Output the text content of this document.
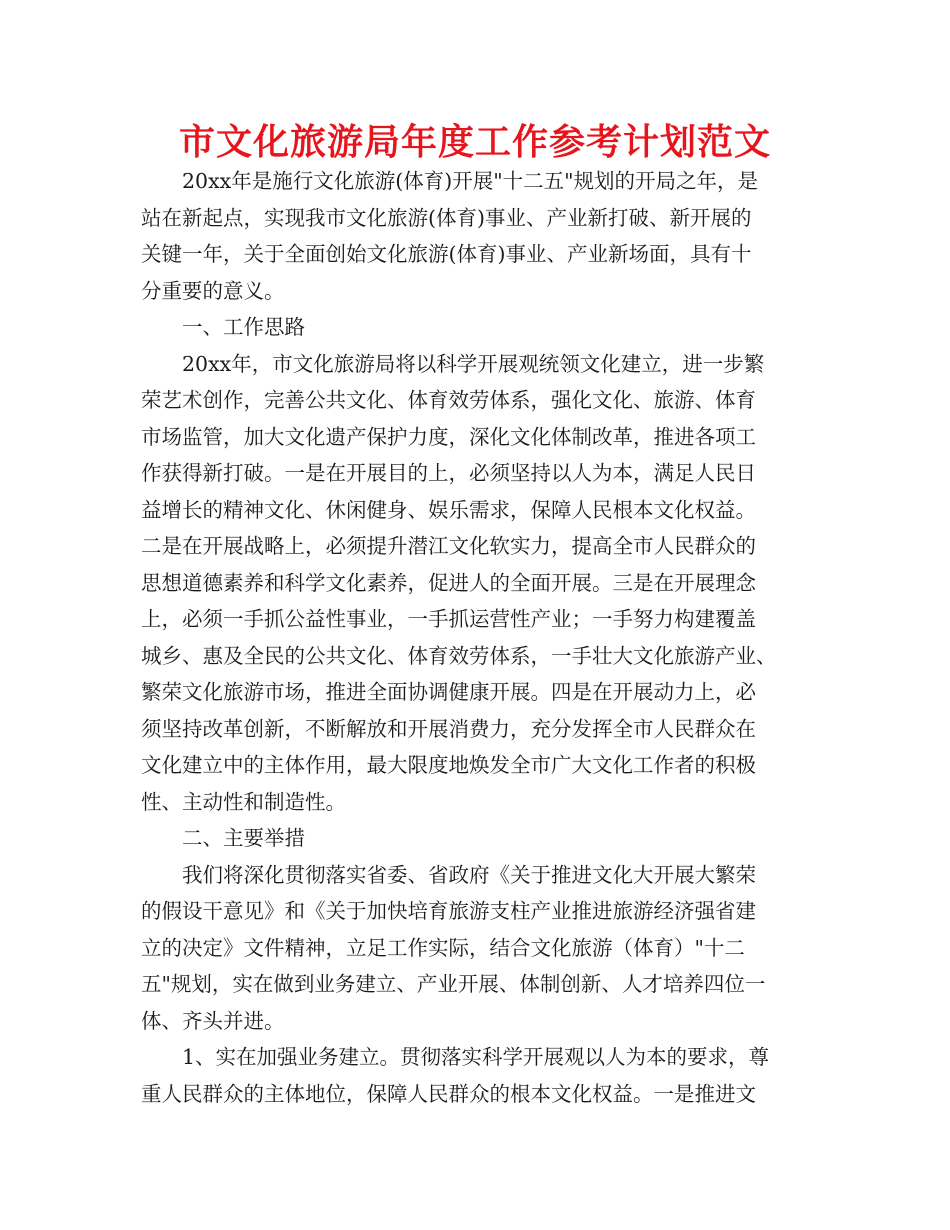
市文化旅游局年度工作参考计划范文
20xx年是施行文化旅游(体育)开展"十二五"规划的开局之年，是
站在新起点，实现我市文化旅游(体育)事业、产业新打破、新开展的
关键一年，关于全面创始文化旅游(体育)事业、产业新场面，具有十
分重要的意义。
一、工作思路
20xx年，市文化旅游局将以科学开展观统领文化建立，进一步繁
荣艺术创作，完善公共文化、体育效劳体系，强化文化、旅游、体育
市场监管，加大文化遗产保护力度，深化文化体制改革，推进各项工
作获得新打破。一是在开展目的上，必须坚持以人为本，满足人民日
益增长的精神文化、休闲健身、娱乐需求，保障人民根本文化权益。
二是在开展战略上，必须提升潜江文化软实力，提高全市人民群众的
思想道德素养和科学文化素养，促进人的全面开展。三是在开展理念
上，必须一手抓公益性事业，一手抓运营性产业；一手努力构建覆盖
城乡、惠及全民的公共文化、体育效劳体系，一手壮大文化旅游产业、
繁荣文化旅游市场，推进全面协调健康开展。四是在开展动力上，必
须坚持改革创新，不断解放和开展消费力，充分发挥全市人民群众在
文化建立中的主体作用，最大限度地焕发全市广大文化工作者的积极
性、主动性和制造性。
二、主要举措
我们将深化贯彻落实省委、省政府《关于推进文化大开展大繁荣
的假设干意见》和《关于加快培育旅游支柱产业推进旅游经济强省建
立的决定》文件精神，立足工作实际，结合文化旅游（体育）"十二
五"规划，实在做到业务建立、产业开展、体制创新、人才培养四位一
体、齐头并进。
1、实在加强业务建立。贯彻落实科学开展观以人为本的要求，尊
重人民群众的主体地位，保障人民群众的根本文化权益。一是推进文
